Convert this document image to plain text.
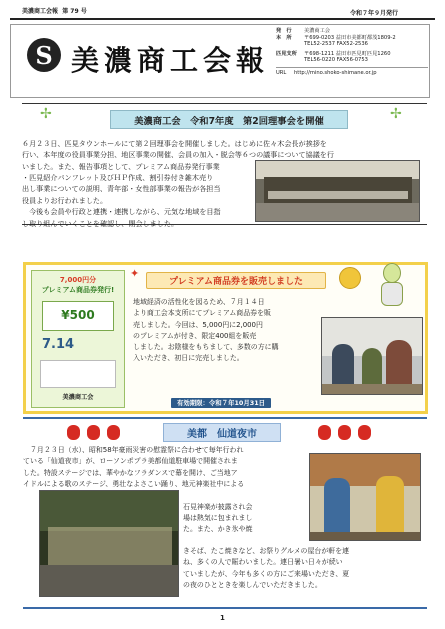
美濃商工会報 第 79 号	令和７年９月発行
S 美濃商工会報
発　行	美濃商工会
本　所	〒699-0203 益田市美都町都茂1809-2
TEL52-2537 FAX52-2536
匹見支所	〒698-1211 益田市匹見町匹見1260
TEL56-0220 FAX56-0753
URL	http://mino.shoko-shimane.or.jp
✢	✢
美濃商工会　令和7年度　第2回理事会を開催
６月２３日、匹見タウンホールにて第２回理事会を開催しました。はじめに佐々木会長が挨拶を
行い、本年度の役員事業分担、地区事業の開催、会員の加入・脱会等６つの議事について協議を行
いました。また、報告事項として、プレミアム商品券発行事業
・匹見紹介パンフレット及びＨＰ作成、割引券付き雑木売り
出し事業についての説明、青年部・女性部事業の報告が各担当
役員よりお行われました。
　今後も会員や行政と連携・連携しながら、元気な地域を目指
し取り組んでいくことを確認し、閉会しました。
7,000円分
プレミアム商品券発行!
¥500
7.14
美濃商工会
✦
プレミアム商品券を販売しました
地域経済の活性化を図るため、７月１４日
より商工会本支所にてプレミアム商品券を販
売しました。今回は、5,000円に2,000円
のプレミアムが付き、限定400組を販売
しました。お陰様をもちまして、多数の方に購
入いただき、初日に完売しました。
有効期限：令和７年10月31日
美都　仙道夜市
　７月２３日（水）、昭和58年豪雨災害の慰霊祭に合わせて毎年行われ
ている「仙道夜市」が、ローソンポプラ美都仙道駐車場で開催されま
した。特設ステージでは、華やかなフラダンスで幕を開け、ご当地ア
イドルによる歌のステージ、勇壮なよさこい踊り、地元神楽社中による
石見神楽が披露され会
場は熱気に包まれまし
た。また、かき氷や焼
きそば、たこ焼きなど、お祭りグルメの屋台が軒を連
ね、多くの人で賑わいました。連日暑い日々が続い
ていましたが、今年も多くの方にご来場いただき、夏
の夜のひとときを楽しんでいただきました。
1
